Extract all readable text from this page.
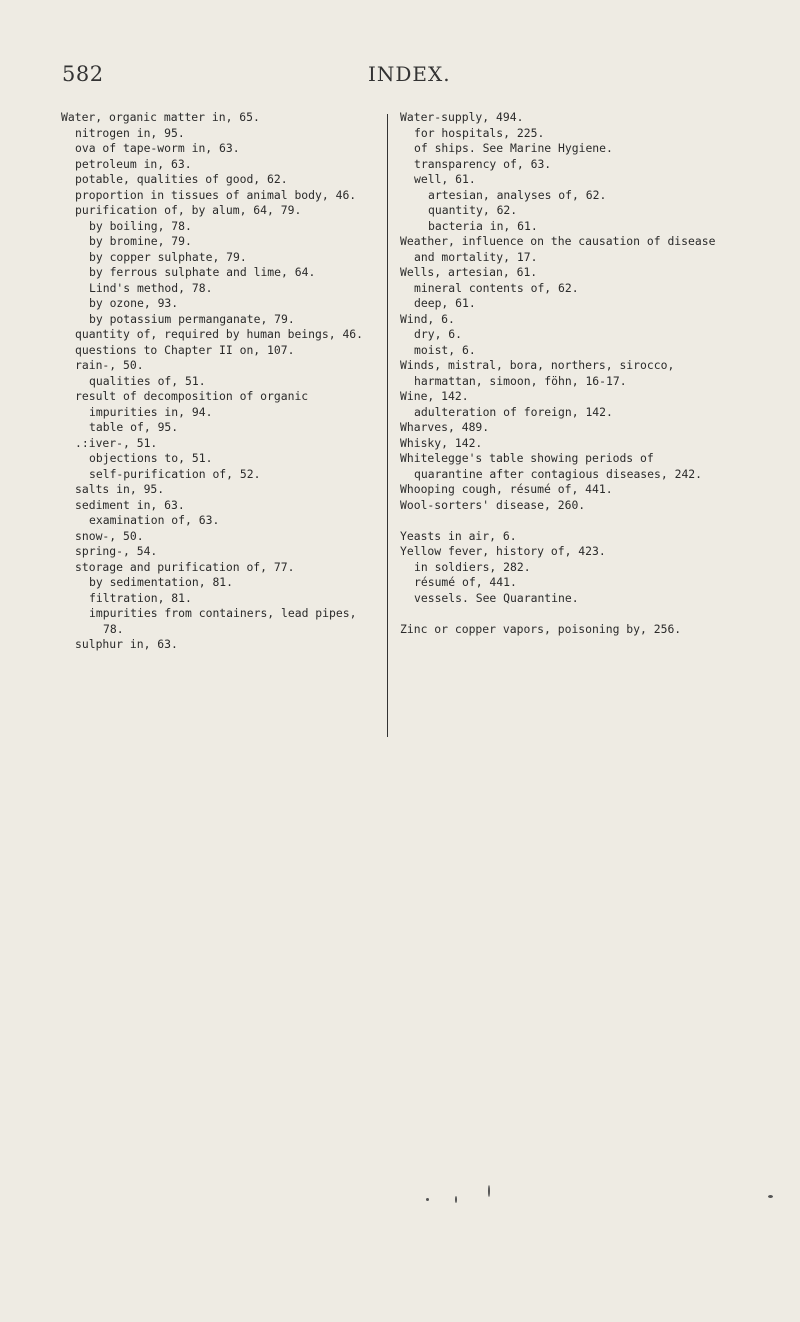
582	INDEX.
Water, organic matter in, 65.
nitrogen in, 95.
ova of tape-worm in, 63.
petroleum in, 63.
potable, qualities of good, 62.
proportion in tissues of animal body, 46.
purification of, by alum, 64, 79.
by boiling, 78.
by bromine, 79.
by copper sulphate, 79.
by ferrous sulphate and lime, 64.
Lind's method, 78.
by ozone, 93.
by potassium permanganate, 79.
quantity of, required by human beings, 46.
questions to Chapter II on, 107.
rain-, 50.
qualities of, 51.
result of decomposition of organic impurities in, 94.
table of, 95.
.:iver-, 51.
objections to, 51.
self-purification of, 52.
salts in, 95.
sediment in, 63.
examination of, 63.
snow-, 50.
spring-, 54.
storage and purification of, 77.
by sedimentation, 81.
filtration, 81.
impurities from containers, lead pipes, 78.
sulphur in, 63.
Water-supply, 494.
for hospitals, 225.
of ships. See Marine Hygiene.
transparency of, 63.
well, 61.
artesian, analyses of, 62.
quantity, 62.
bacteria in, 61.
Weather, influence on the causation of disease and mortality, 17.
Wells, artesian, 61.
mineral contents of, 62.
deep, 61.
Wind, 6.
dry, 6.
moist, 6.
Winds, mistral, bora, northers, sirocco, harmattan, simoon, föhn, 16-17.
Wine, 142.
adulteration of foreign, 142.
Wharves, 489.
Whisky, 142.
Whitelegge's table showing periods of quarantine after contagious diseases, 242.
Whooping cough, résumé of, 441.
Wool-sorters' disease, 260.
Yeasts in air, 6.
Yellow fever, history of, 423.
in soldiers, 282.
résumé of, 441.
vessels. See Quarantine.
Zinc or copper vapors, poisoning by, 256.
